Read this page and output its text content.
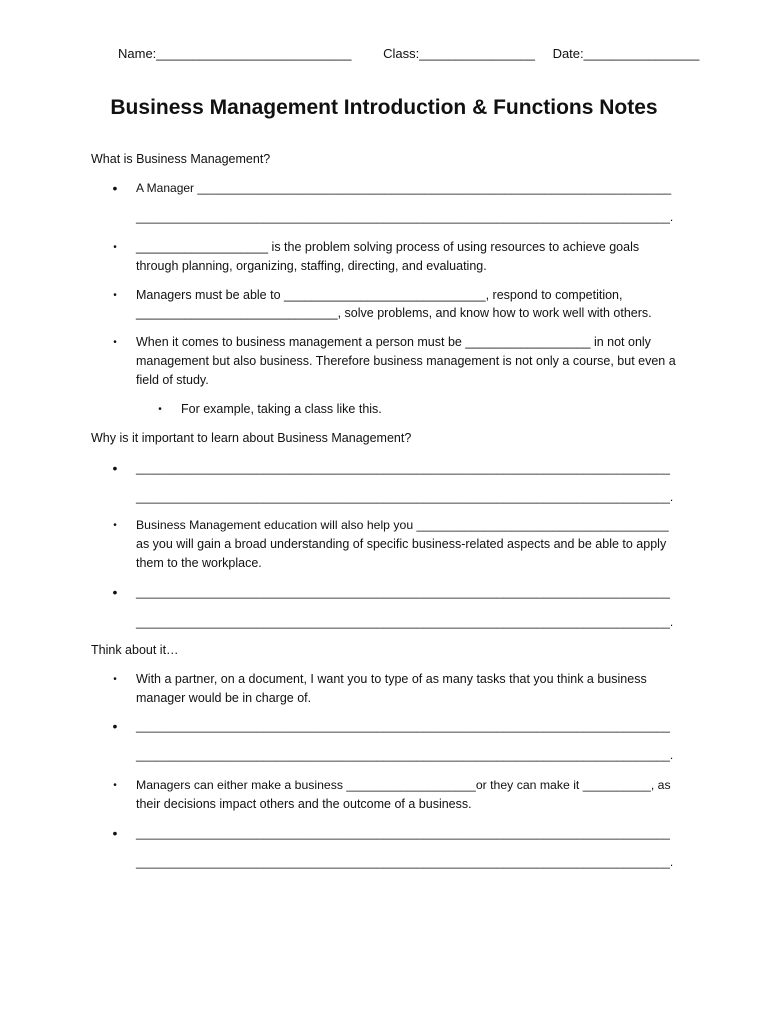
Name:___________________________ Class:________________ Date:________________
Business Management Introduction & Functions Notes
What is Business Management?
• A Manager _______________________________________________________________________
________________________________________________________________________________.
• ___________________ is the problem solving process of using resources to achieve goals
through planning, organizing, staffing, directing, and evaluating.
• Managers must be able to _____________________________, respond to competition,
_____________________________, solve problems, and know how to work well with others.
• When it comes to business management a person must be __________________ in not only
management but also business. Therefore business management is not only a course, but even a
field of study.
• For example, taking a class like this.
Why is it important to learn about Business Management?
• ________________________________________________________________________________
________________________________________________________________________________.
• Business Management education will also help you _____________________________________
as you will gain a broad understanding of specific business-related aspects and be able to apply
them to the workplace.
• ________________________________________________________________________________
________________________________________________________________________________.
Think about it…
• With a partner, on a document, I want you to type of as many tasks that you think a business
manager would be in charge of.
• ________________________________________________________________________________
________________________________________________________________________________.
• Managers can either make a business ___________________or they can make it __________, as
their decisions impact others and the outcome of a business.
• ________________________________________________________________________________
________________________________________________________________________________.
